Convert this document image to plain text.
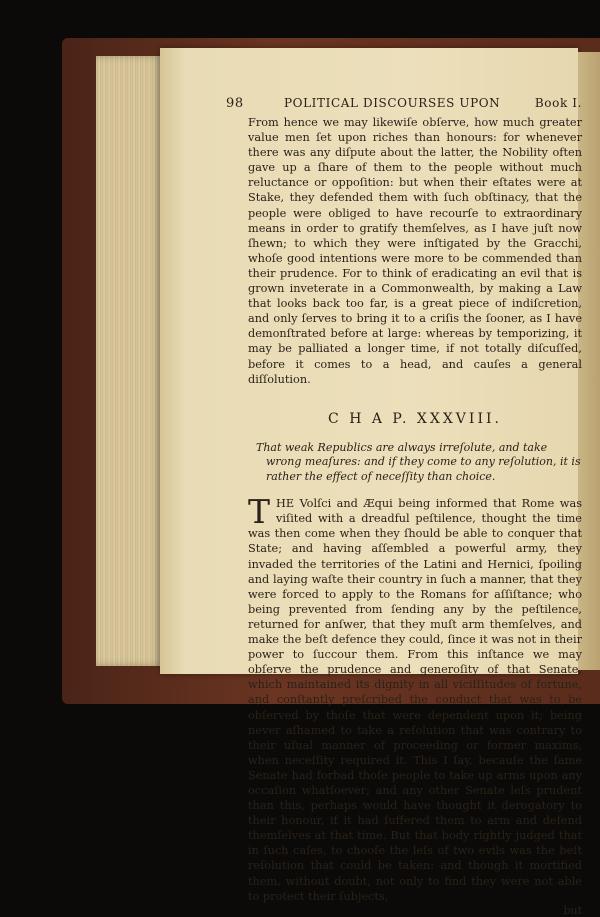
98	POLITICAL DISCOURSES UPON	Book I.

From hence we may likewiſe obſerve, how much greater value men ſet upon riches than honours: for whenever there was any diſpute about the latter, the Nobility often gave up a ſhare of them to the people without much reluctance or oppoſition: but when their eſtates were at Stake, they defended them with ſuch obſtinacy, that the people were obliged to have recourſe to extraordinary means in order to gratify themſelves, as I have juſt now ſhewn; to which they were inſtigated by the Gracchi, whoſe good intentions were more to be commended than their prudence. For to think of eradicating an evil that is grown inveterate in a Commonwealth, by making a Law that looks back too far, is a great piece of indiſcretion, and only ſerves to bring it to a criſis the ſooner, as I have demonſtrated before at large: whereas by temporizing, it may be palliated a longer time, if not totally diſcuſſed, before it comes to a head, and cauſes a general diſſolution.

C H A P. XXXVIII.

That weak Republics are always irreſolute, and take wrong meaſures: and if they come to any reſolution, it is rather the effect of neceſſity than choice.

THE Volſci and Æqui being informed that Rome was viſited with a dreadful peſtilence, thought the time was then come when they ſhould be able to conquer that State; and having aſſembled a powerful army, they invaded the territories of the Latini and Hernici, ſpoiling and laying waſte their country in ſuch a manner, that they were forced to apply to the Romans for aſſiſtance; who being prevented from ſending any by the peſtilence, returned for anſwer, that they muſt arm themſelves, and make the beſt defence they could, ſince it was not in their power to ſuccour them. From this inſtance we may obſerve the prudence and generoſity of that Senate, which maintained its dignity in all viciſſitudes of fortune, and conſtantly preſcribed the conduct that was to be obſerved by thoſe that were dependent upon it; being never aſhamed to take a reſolution that was contrary to their uſual manner of proceeding or former maxims, when neceſſity required it. This I ſay, becauſe the ſame Senate had forbad thoſe people to take up arms upon any occaſion whatſoever; and any other Senate leſs prudent than this, perhaps would have thought it derogatory to their honour, if it had ſuffered them to arm and defend themſelves at that time. But that body rightly judged that in ſuch caſes, to chooſe the leſs of two evils was the beſt reſolution that could be taken: and though it mortified them, without doubt, not only to find they were not able to protect their ſubjects,

but
